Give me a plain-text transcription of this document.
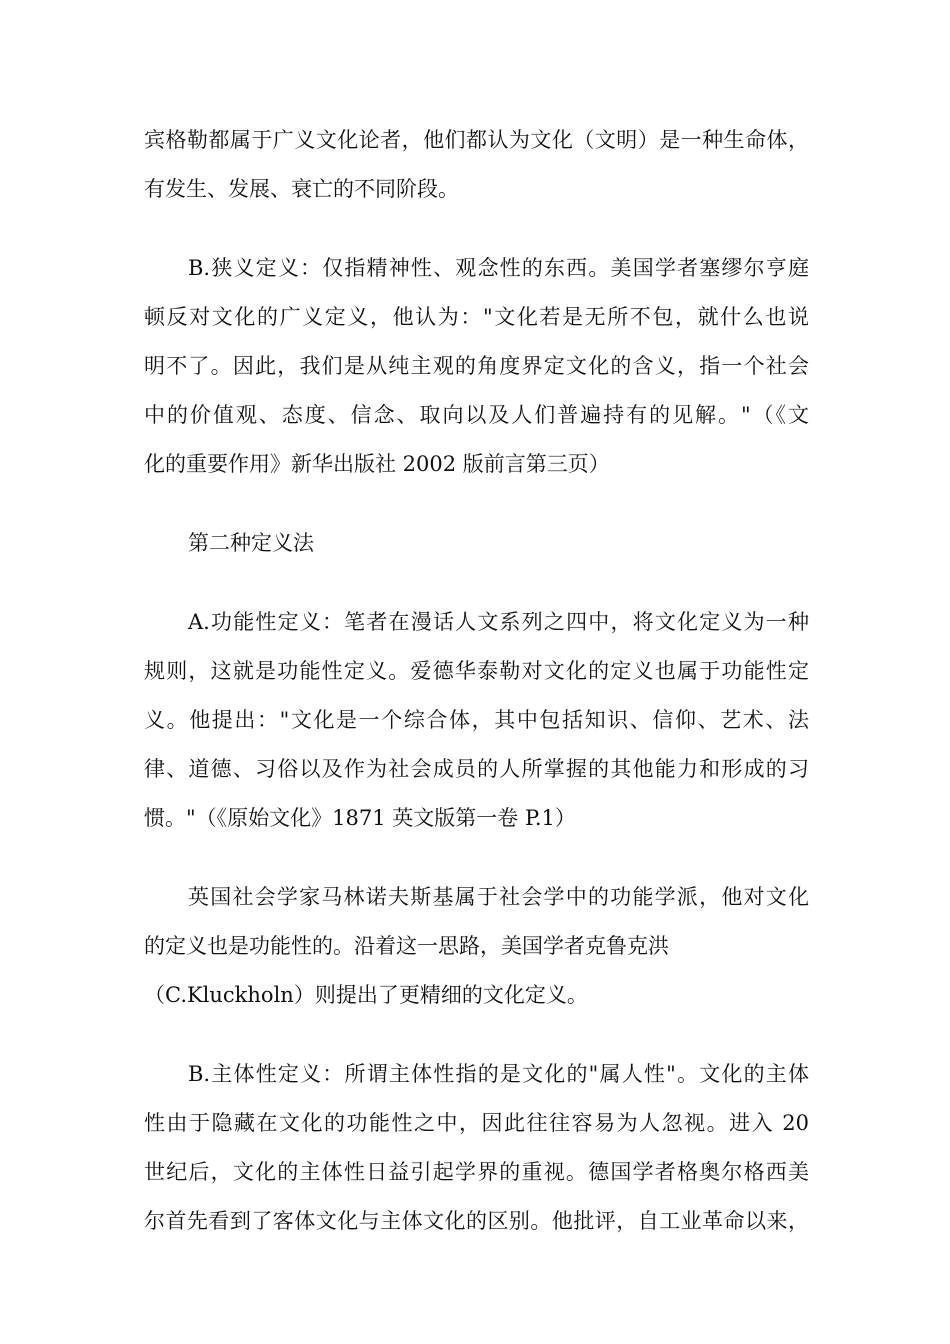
宾格勒都属于广义文化论者，他们都认为文化（文明）是一种生命体，
有发生、发展、衰亡的不同阶段。
B.狭义定义：仅指精神性、观念性的东西。美国学者塞缪尔亨庭
顿反对文化的广义定义，他认为："文化若是无所不包，就什么也说
明不了。因此，我们是从纯主观的角度界定文化的含义，指一个社会
中的价值观、态度、信念、取向以及人们普遍持有的见解。"（《文
化的重要作用》新华出版社 2002 版前言第三页）
第二种定义法
A.功能性定义：笔者在漫话人文系列之四中，将文化定义为一种
规则，这就是功能性定义。爱德华泰勒对文化的定义也属于功能性定
义。他提出："文化是一个综合体，其中包括知识、信仰、艺术、法
律、道德、习俗以及作为社会成员的人所掌握的其他能力和形成的习
惯。"（《原始文化》1871 英文版第一卷 P.1）
英国社会学家马林诺夫斯基属于社会学中的功能学派，他对文化
的定义也是功能性的。沿着这一思路，美国学者克鲁克洪
（C.Kluckholn）则提出了更精细的文化定义。
B.主体性定义：所谓主体性指的是文化的"属人性"。文化的主体
性由于隐藏在文化的功能性之中，因此往往容易为人忽视。进入 20
世纪后，文化的主体性日益引起学界的重视。德国学者格奥尔格西美
尔首先看到了客体文化与主体文化的区别。他批评，自工业革命以来，
